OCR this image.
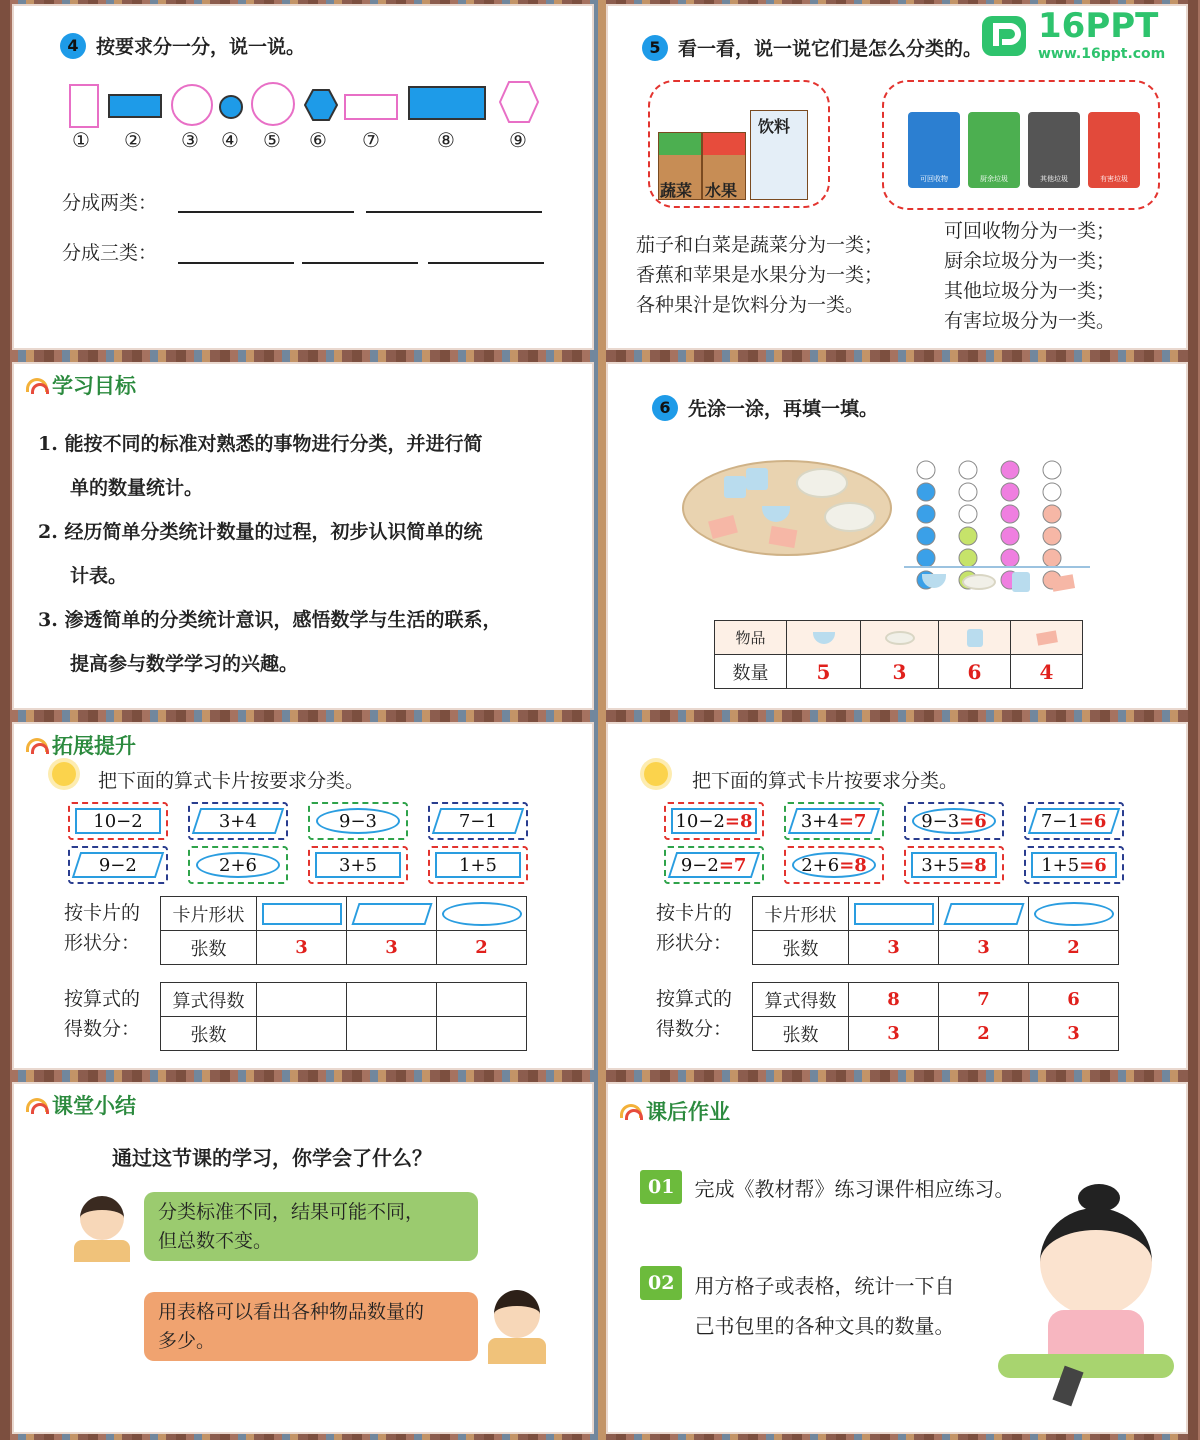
4 按要求分一分，说一说。
① ② ③ ④ ⑤ ⑥ ⑦	⑧	⑨
分成两类：
分成三类：
5 看一看，说一说它们是怎么分类的。
16PPT
www.16ppt.com
蔬菜 水果
饮料
可回收物	厨余垃圾	其他垃圾	有害垃圾
茄子和白菜是蔬菜分为一类；
香蕉和苹果是水果分为一类；
各种果汁是饮料分为一类。
可回收物分为一类；
厨余垃圾分为一类；
其他垃圾分为一类；
有害垃圾分为一类。
学习目标
1. 能按不同的标准对熟悉的事物进行分类，并进行简
单的数量统计。
2. 经历简单分类统计数量的过程，初步认识简单的统
计表。
3. 渗透简单的分类统计意识，感悟数学与生活的联系，
提高参与数学学习的兴趣。
6 先涂一涂，再填一填。
物品	

数量	5	3	6	4
拓展提升
把下面的算式卡片按要求分类。
10−2	3+4	9−3	7−1
9−2	2+6	3+5	1+5
按卡片的
形状分：
卡片形状	

张数	3	3	2
按算式的
得数分：
算式得数			
张数			
把下面的算式卡片按要求分类。
10−2=8	3+4=7	9−3=6	7−1=6
9−2=7	2+6=8	3+5=8	1+5=6
按卡片的
形状分：
卡片形状	

张数	3	3	2
按算式的
得数分：
算式得数	8	7	6
张数	3	2	3
课堂小结
通过这节课的学习，你学会了什么？
分类标准不同，结果可能不同，
但总数不变。
用表格可以看出各种物品数量的
多少。
课后作业
01	完成《教材帮》练习课件相应练习。
02	用方格子或表格，统计一下自
己书包里的各种文具的数量。
